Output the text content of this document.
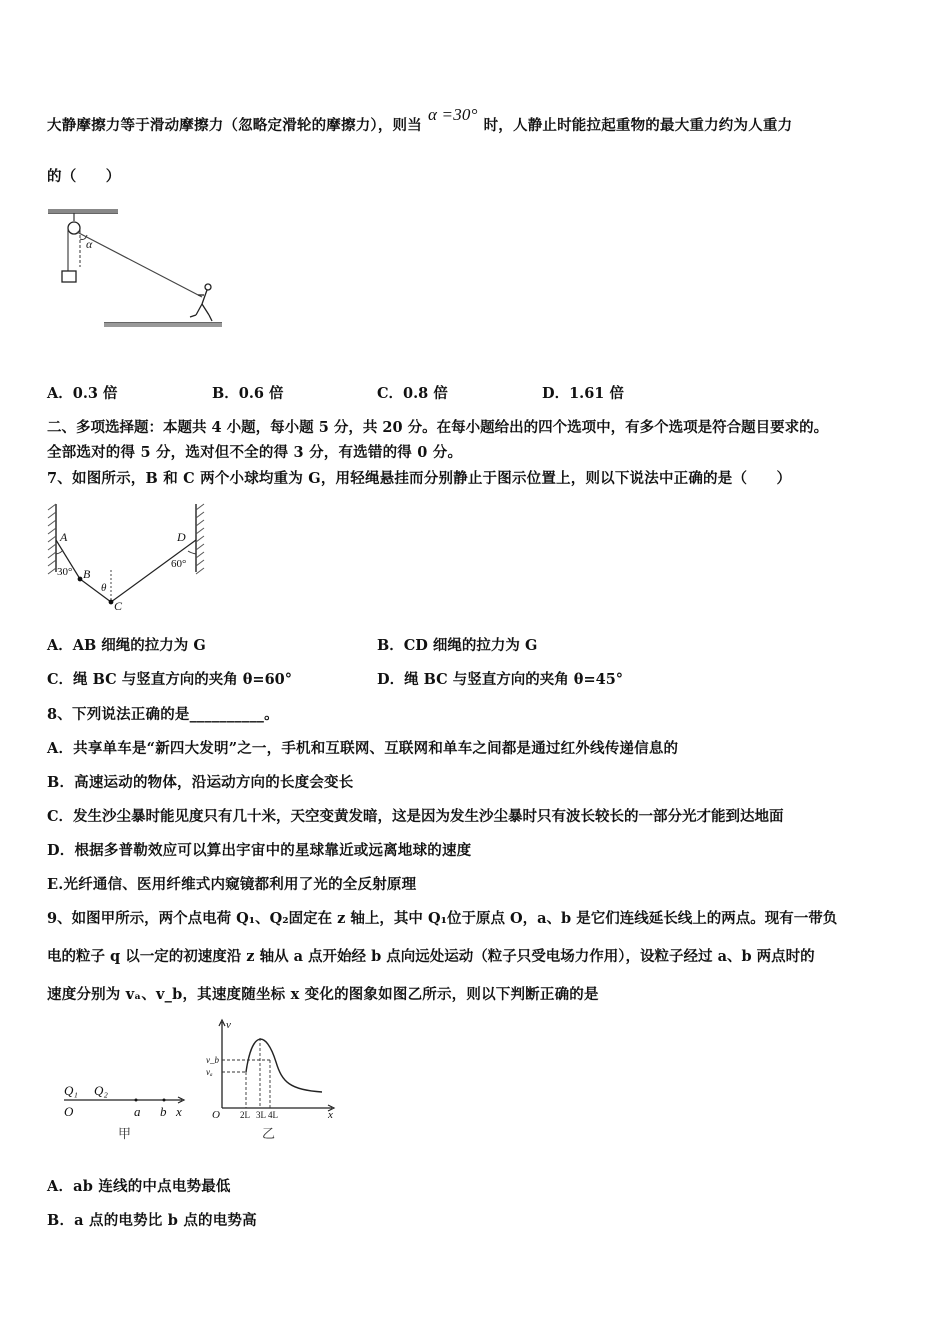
大静摩擦力等于滑动摩擦力（忽略定滑轮的摩擦力），则当α =30°时，人静止时能拉起重物的最大重力约为人重力
的（　　）
α
A．0.3 倍	B．0.6 倍	C．0.8 倍	D．1.61 倍
二、多项选择题：本题共 4 小题，每小题 5 分，共 20 分。在每小题给出的四个选项中，有多个选项是符合题目要求的。
全部选对的得 5 分，选对但不全的得 3 分，有选错的得 0 分。
7、如图所示，B 和 C 两个小球均重为 G，用轻绳悬挂而分别静止于图示位置上，则以下说法中正确的是（　　）
A
B
C
D
30°
60°
θ
A．AB 细绳的拉力为 G	B．CD 细绳的拉力为 G
C．绳 BC 与竖直方向的夹角 θ=60°	D．绳 BC 与竖直方向的夹角 θ=45°
8、下列说法正确的是__________。
A．共享单车是“新四大发明”之一，手机和互联网、互联网和单车之间都是通过红外线传递信息的
B．高速运动的物体，沿运动方向的长度会变长
C．发生沙尘暴时能见度只有几十米，天空变黄发暗，这是因为发生沙尘暴时只有波长较长的一部分光才能到达地面
D．根据多普勒效应可以算出宇宙中的星球靠近或远离地球的速度
E.光纤通信、医用纤维式内窥镜都利用了光的全反射原理
9、如图甲所示，两个点电荷 Q₁、Q₂固定在 z 轴上，其中 Q₁位于原点 O，a、b 是它们连线延长线上的两点。现有一带负
电的粒子 q 以一定的初速度沿 z 轴从 a 点开始经 b 点向远处运动（粒子只受电场力作用），设粒子经过 a、b 两点时的
速度分别为 vₐ、v_b，其速度随坐标 x 变化的图象如图乙所示，则以下判断正确的是
Q₁ Q₂
O	a b x
甲
v
v_b
vₐ
O 2L 3L 4L	x
乙
A．ab 连线的中点电势最低
B．a 点的电势比 b 点的电势高
